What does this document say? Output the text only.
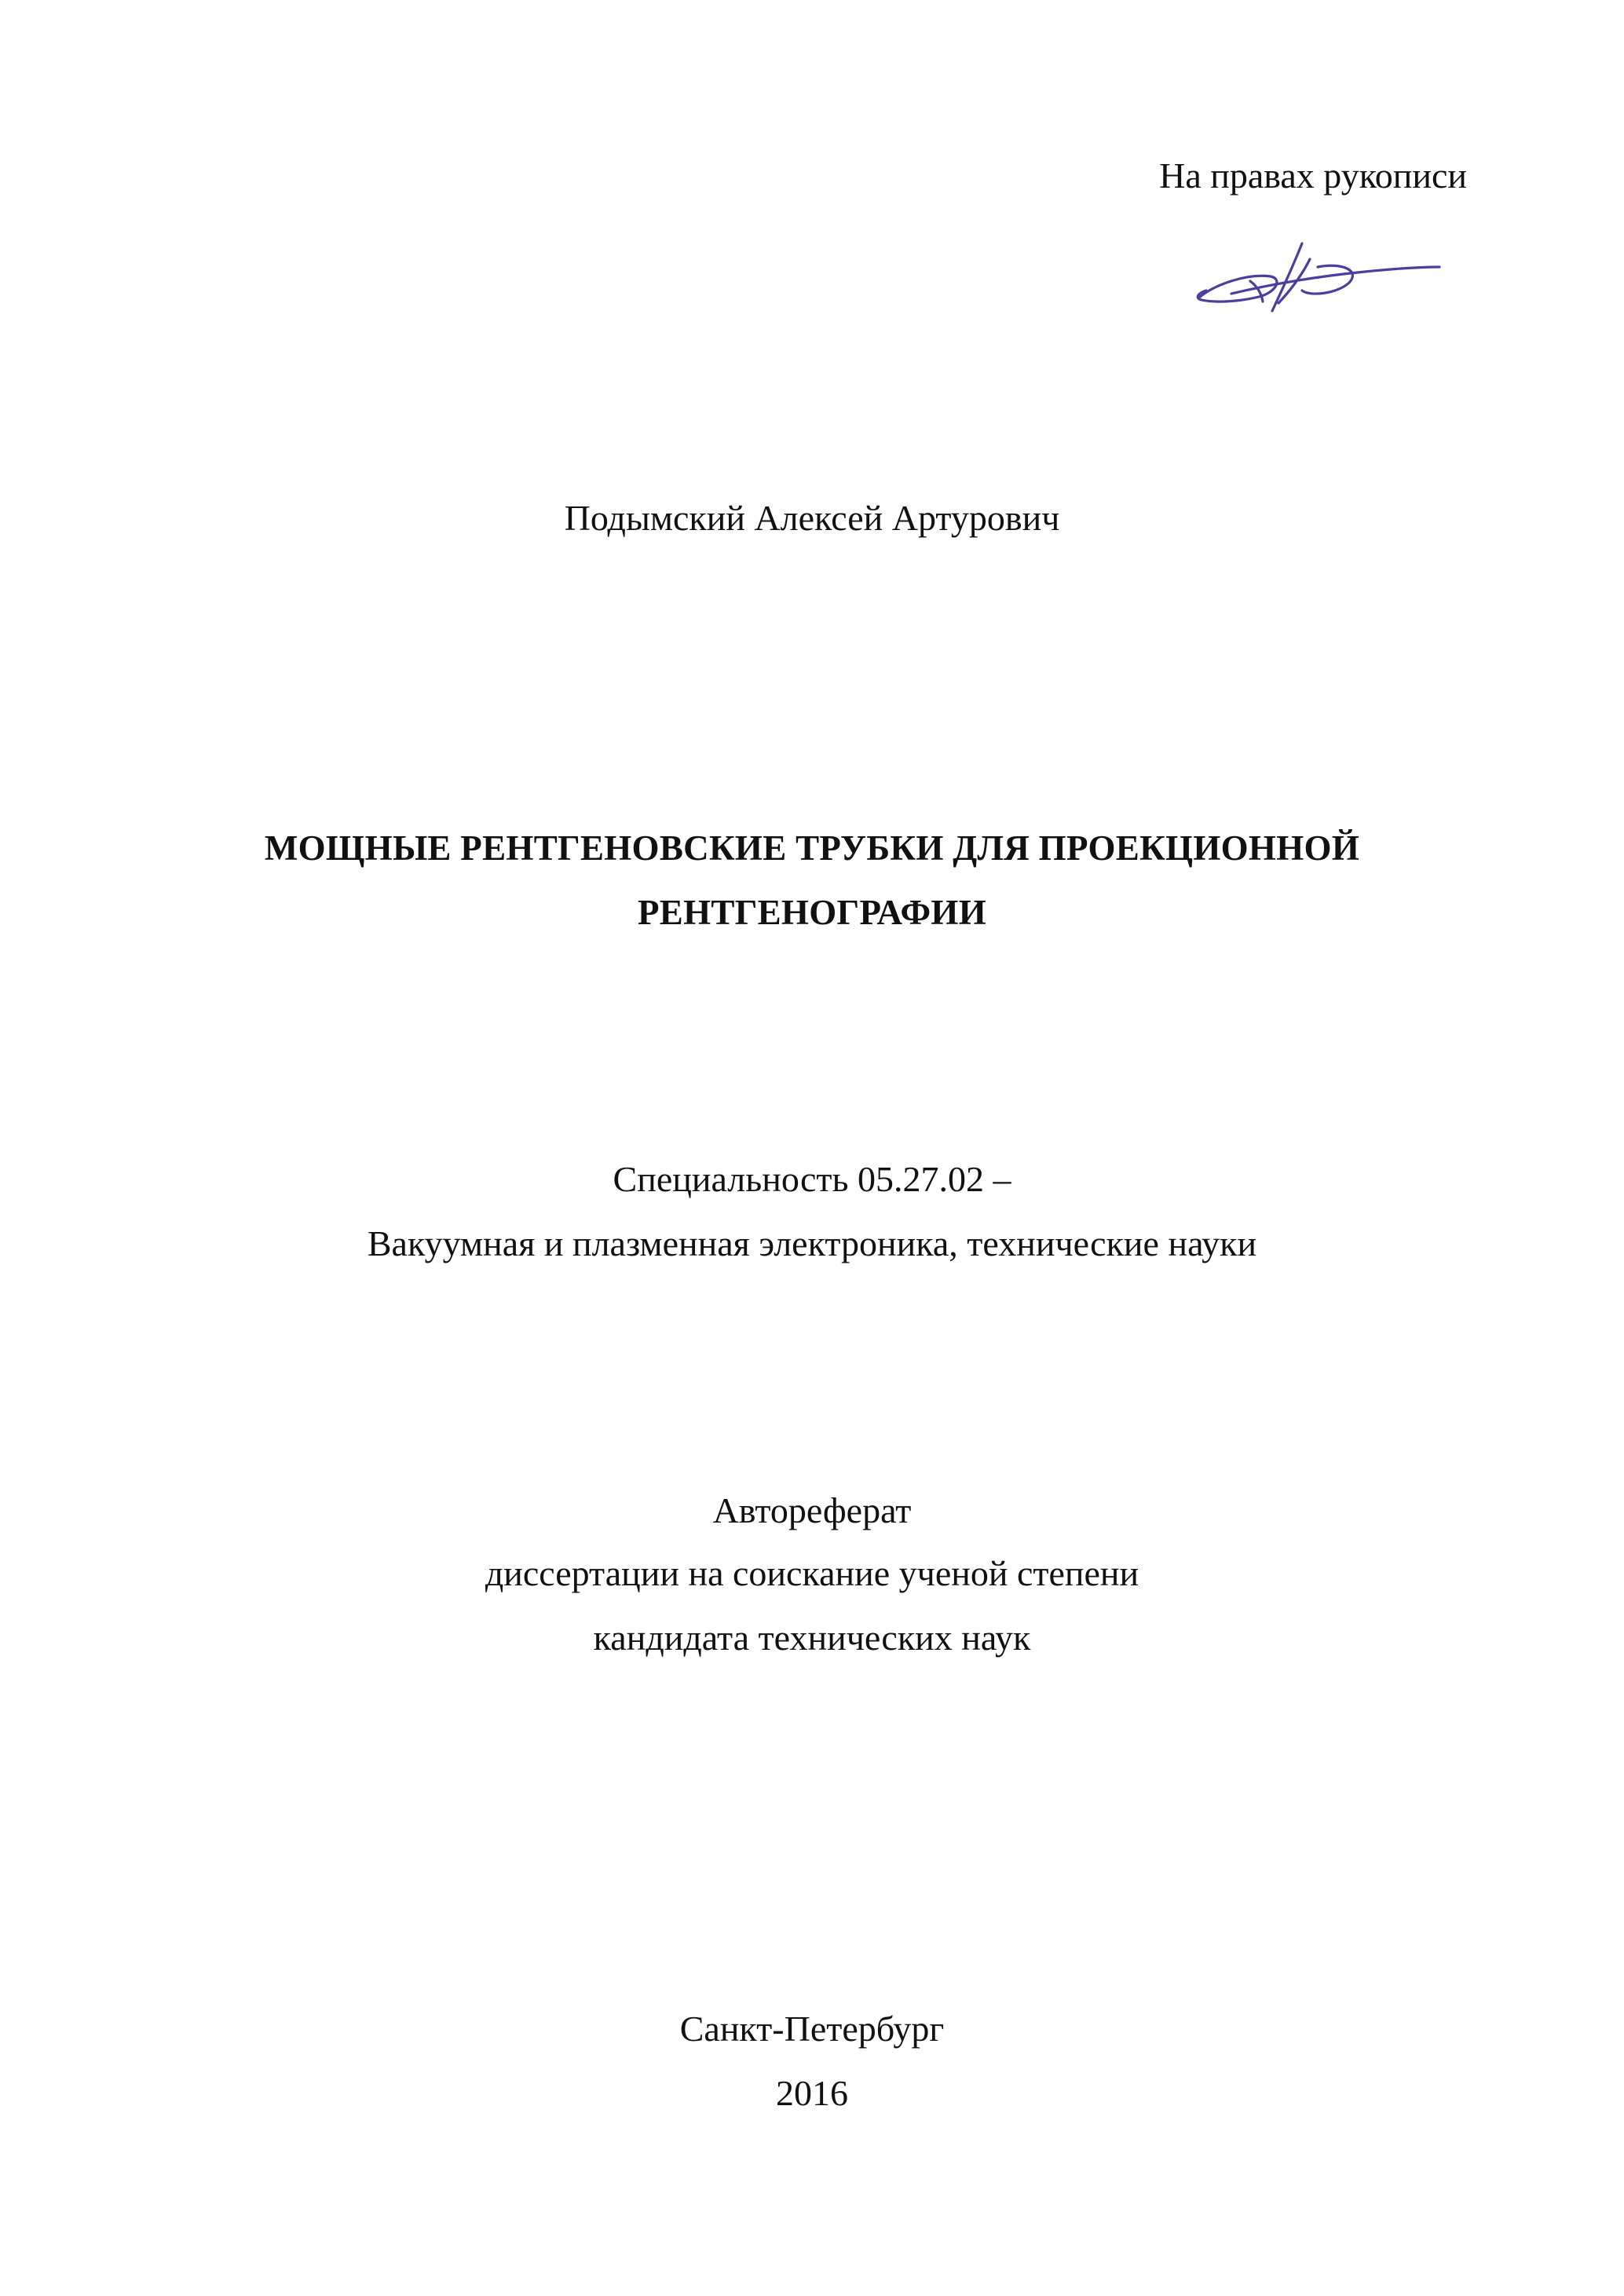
На правах рукописи
Подымский Алексей Артурович
МОЩНЫЕ РЕНТГЕНОВСКИЕ ТРУБКИ ДЛЯ ПРОЕКЦИОННОЙ
РЕНТГЕНОГРАФИИ
Специальность 05.27.02 –
Вакуумная и плазменная электроника, технические науки
Автореферат
диссертации на соискание ученой степени
кандидата технических наук
Санкт-Петербург
2016
